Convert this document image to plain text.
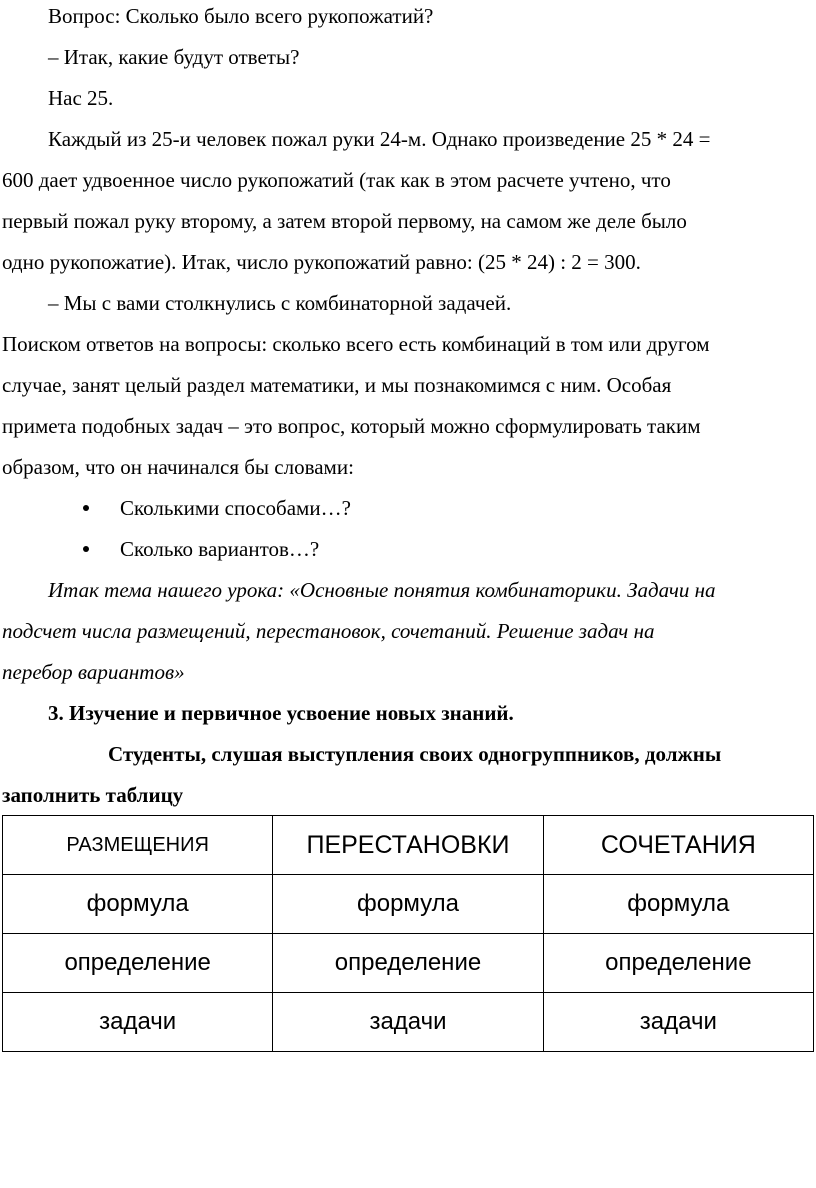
Вопрос: Сколько было всего рукопожатий?
– Итак, какие будут ответы?
Нас 25.
Каждый из 25-и человек пожал руки 24-м. Однако произведение 25 * 24 =
600 дает удвоенное число рукопожатий (так как в этом расчете учтено, что
первый пожал руку второму, а затем второй первому, на самом же деле было
одно рукопожатие). Итак, число рукопожатий равно: (25 * 24) : 2 = 300.
– Мы с вами столкнулись с комбинаторной задачей.
Поиском ответов на вопросы: сколько всего есть комбинаций в том или другом
случае, занят целый раздел математики, и мы познакомимся с ним. Особая
примета подобных задач – это вопрос, который можно сформулировать таким
образом, что он начинался бы словами:
Сколькими способами…?
Сколько вариантов…?
Итак тема нашего урока: «Основные понятия комбинаторики. Задачи на
подсчет числа размещений, перестановок, сочетаний. Решение задач на
перебор вариантов»
3. Изучение и первичное усвоение новых знаний.
Студенты, слушая выступления своих одногруппников, должны
заполнить таблицу
РАЗМЕЩЕНИЯ	ПЕРЕСТАНОВКИ	СОЧЕТАНИЯ
формула	формула	формула
определение	определение	определение
задачи	задачи	задачи
